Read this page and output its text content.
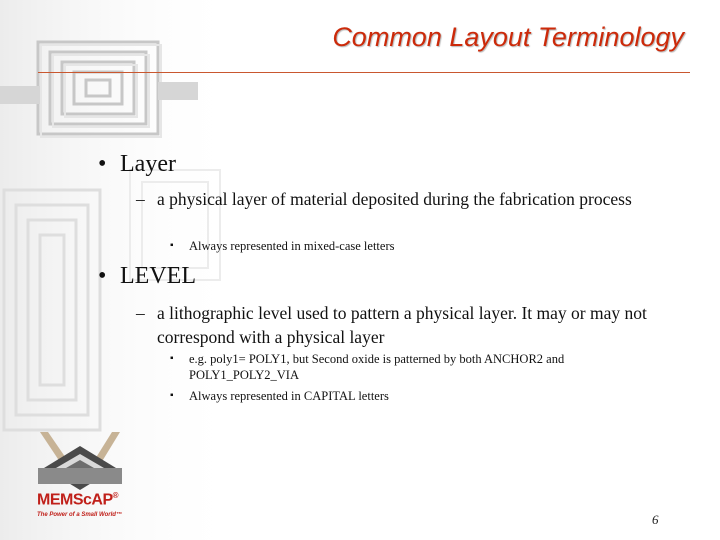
Common Layout Terminology
• Layer
– a physical layer of material deposited during the fabrication process
▪	Always represented in mixed-case letters
• LEVEL
– a lithographic level used to pattern a physical layer. It may or may not correspond with a physical layer
▪	e.g. poly1= POLY1, but Second oxide is patterned by both ANCHOR2 and POLY1_POLY2_VIA
▪	Always represented in CAPITAL letters
MEMScAP®
The Power of a Small World™	6
